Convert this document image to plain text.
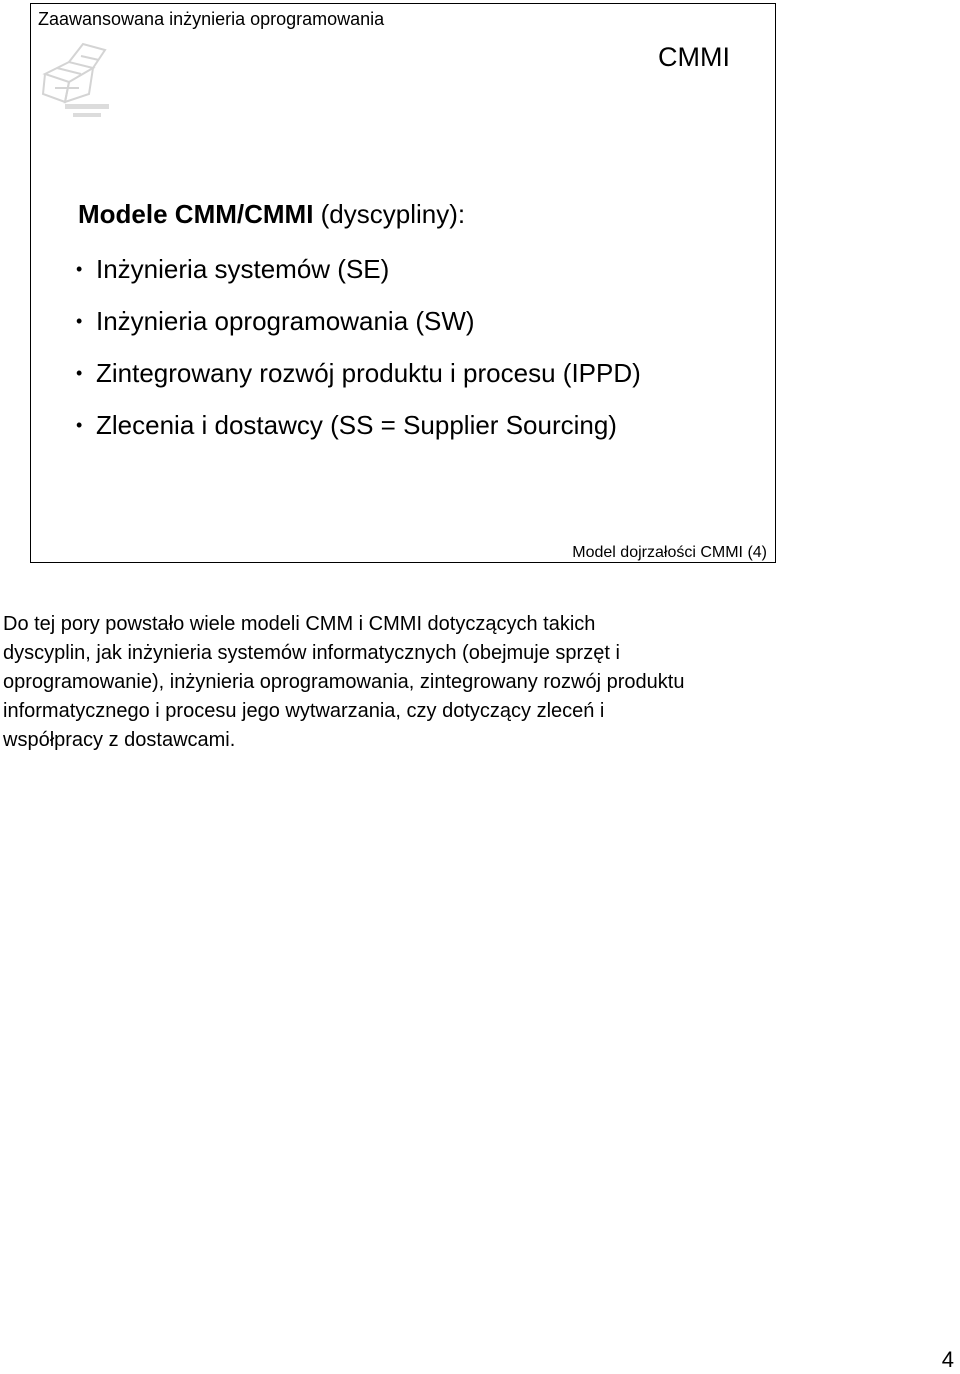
Zaawansowana inżynieria oprogramowania
CMMI
Modele CMM/CMMI (dyscypliny):
• Inżynieria systemów (SE)
• Inżynieria oprogramowania (SW)
• Zintegrowany rozwój produktu i procesu (IPPD)
• Zlecenia i dostawcy (SS = Supplier Sourcing)
Model dojrzałości CMMI (4)
Do tej pory powstało wiele modeli CMM i CMMI dotyczących takich
dyscyplin, jak inżynieria systemów informatycznych (obejmuje sprzęt i
oprogramowanie), inżynieria oprogramowania, zintegrowany rozwój produktu
informatycznego i procesu jego wytwarzania, czy dotyczący zleceń i
współpracy z dostawcami.
4
